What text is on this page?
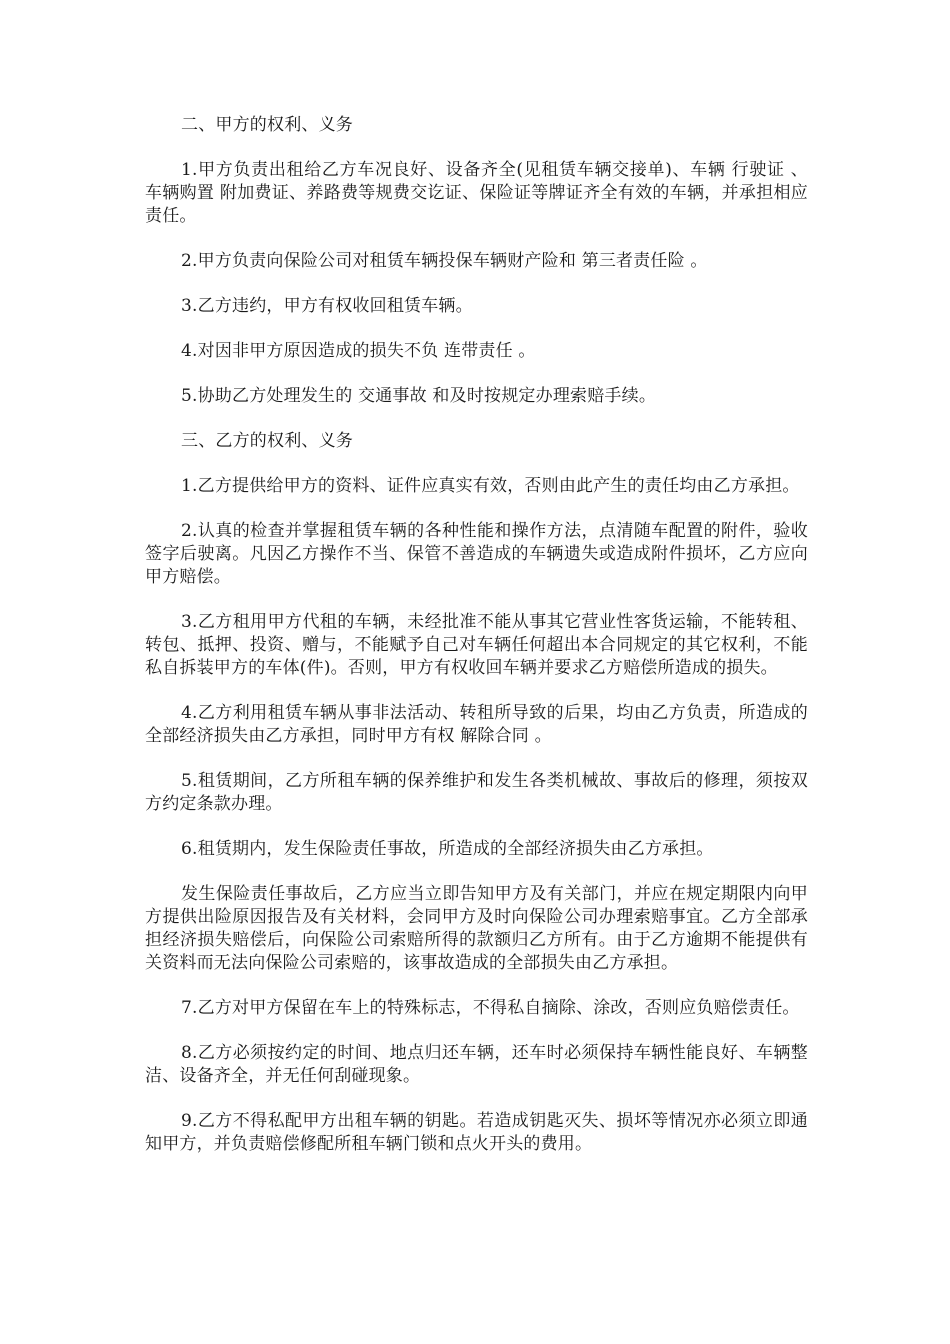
二、甲方的权利、义务

1.甲方负责出租给乙方车况良好、设备齐全(见租赁车辆交接单)、车辆 行驶证 、 车辆购置 附加费证、养路费等规费交讫证、保险证等牌证齐全有效的车辆，并承担相应责任。

2.甲方负责向保险公司对租赁车辆投保车辆财产险和 第三者责任险 。

3.乙方违约，甲方有权收回租赁车辆。

4.对因非甲方原因造成的损失不负 连带责任 。

5.协助乙方处理发生的 交通事故 和及时按规定办理索赔手续。

三、乙方的权利、义务

1.乙方提供给甲方的资料、证件应真实有效，否则由此产生的责任均由乙方承担。

2.认真的检查并掌握租赁车辆的各种性能和操作方法，点清随车配置的附件，验收签字后驶离。凡因乙方操作不当、保管不善造成的车辆遗失或造成附件损坏，乙方应向甲方赔偿。

3.乙方租用甲方代租的车辆，未经批准不能从事其它营业性客货运输，不能转租、转包、抵押、投资、赠与，不能赋予自己对车辆任何超出本合同规定的其它权利，不能私自拆装甲方的车体(件)。否则，甲方有权收回车辆并要求乙方赔偿所造成的损失。

4.乙方利用租赁车辆从事非法活动、转租所导致的后果，均由乙方负责，所造成的全部经济损失由乙方承担，同时甲方有权 解除合同 。

5.租赁期间，乙方所租车辆的保养维护和发生各类机械故、事故后的修理，须按双方约定条款办理。

6.租赁期内，发生保险责任事故，所造成的全部经济损失由乙方承担。

发生保险责任事故后，乙方应当立即告知甲方及有关部门，并应在规定期限内向甲方提供出险原因报告及有关材料，会同甲方及时向保险公司办理索赔事宜。乙方全部承担经济损失赔偿后，向保险公司索赔所得的款额归乙方所有。由于乙方逾期不能提供有关资料而无法向保险公司索赔的，该事故造成的全部损失由乙方承担。

7.乙方对甲方保留在车上的特殊标志，不得私自摘除、涂改，否则应负赔偿责任。

8.乙方必须按约定的时间、地点归还车辆，还车时必须保持车辆性能良好、车辆整洁、设备齐全，并无任何刮碰现象。

9.乙方不得私配甲方出租车辆的钥匙。若造成钥匙灭失、损坏等情况亦必须立即通知甲方，并负责赔偿修配所租车辆门锁和点火开头的费用。
